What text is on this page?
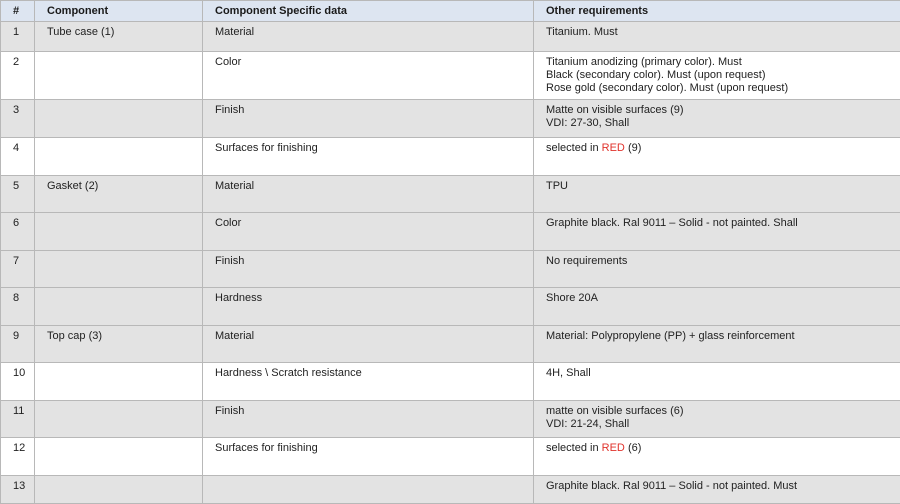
#	Component	Component Specific data	Other requirements
1	Tube case (1)	Material	Titanium. Must

2		Color	Titanium anodizing (primary color). Must
Black (secondary color). Must (upon request)
Rose gold (secondary color). Must (upon request)

3		Finish	Matte on visible surfaces (9)
VDI: 27-30, Shall

4		Surfaces for finishing	selected in RED (9)
5	Gasket (2)	Material	TPU

6		Color	Graphite black. Ral 9011 – Solid - not painted. Shall

7		Finish	No requirements

8		Hardness	Shore 20A

9	Top cap (3)	Material	Material: Polypropylene (PP) + glass reinforcement

10		Hardness \ Scratch resistance	4H, Shall

11		Finish	matte on visible surfaces (6)
VDI: 21-24, Shall

12		Surfaces for finishing	selected in RED (6)
13			Graphite black. Ral 9011 – Solid - not painted. Must
